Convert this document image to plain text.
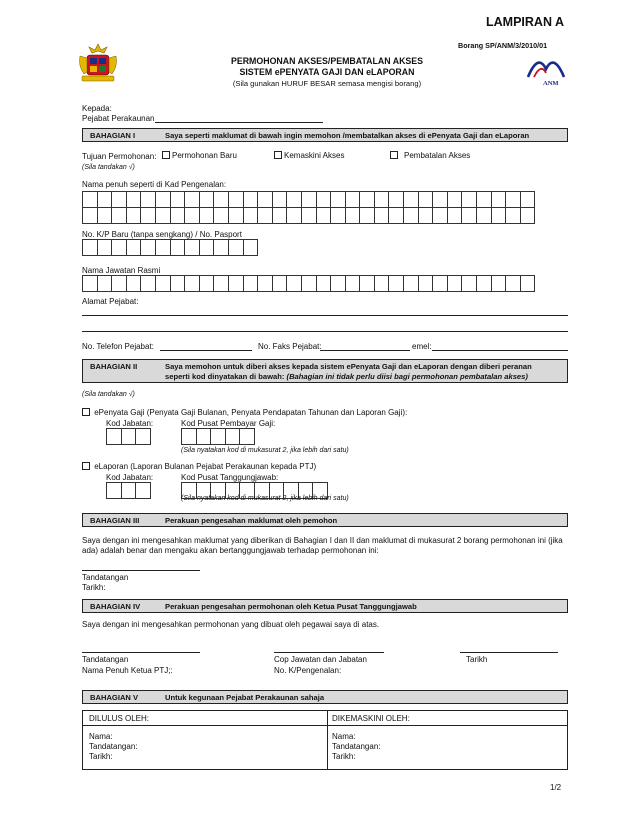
LAMPIRAN A
Borang SP/ANM/3/2010/01
PERMOHONAN AKSES/PEMBATALAN AKSES
SISTEM ePENYATA GAJI DAN eLAPORAN
(Sila gunakan HURUF BESAR semasa mengisi borang)	ANM
Kepada:
Pejabat Perakaunan
BAHAGIAN I	Saya seperti maklumat di bawah ingin memohon /membatalkan akses di ePenyata Gaji dan eLaporan
Tujuan Permohonan:	Permohonan Baru	Kemaskini Akses	Pembatalan Akses
(Sila tandakan √)
Nama penuh seperti di Kad Pengenalan:
No. K/P Baru (tanpa sengkang) / No. Pasport
Nama Jawatan Rasmi
Alamat Pejabat:
No. Telefon Pejabat:	No. Faks Pejabat:	emel:
BAHAGIAN II	Saya memohon untuk diberi akses kepada sistem ePenyata Gaji dan eLaporan dengan diberi peranan
seperti kod dinyatakan di bawah: (Bahagian ini tidak perlu diisi bagi permohonan pembatalan akses)
(Sila tandakan √)
ePenyata Gaji (Penyata Gaji Bulanan, Penyata Pendapatan Tahunan dan Laporan Gaji):
Kod Jabatan:	Kod Pusat Pembayar Gaji:
(Sila nyatakan kod di mukasurat 2, jika lebih dari satu)
eLaporan (Laporan Bulanan Pejabat Perakaunan kepada PTJ)
Kod Jabatan:	Kod Pusat Tanggungjawab:
(Sila nyatakan kod di mukasurat 2, jika lebih dari satu)
BAHAGIAN III	Perakuan pengesahan maklumat oleh pemohon
Saya dengan ini mengesahkan maklumat yang diberikan di Bahagian I dan II dan maklumat di mukasurat 2 borang permohonan ini (jika
ada) adalah benar dan mengaku akan bertanggungjawab terhadap permohonan ini:
Tandatangan
Tarikh:
BAHAGIAN IV	Perakuan pengesahan permohonan oleh Ketua Pusat Tanggungjawab
Saya dengan ini mengesahkan permohonan yang dibuat oleh pegawai saya di atas.
Tandatangan	Cop Jawatan dan Jabatan	Tarikh
Nama Penuh Ketua PTJ;:	No. K/Pengenalan:
BAHAGIAN V	Untuk kegunaan Pejabat Perakaunan sahaja
DILULUS OLEH:
Nama:
Tandatangan:
Tarikh:
DIKEMASKINI OLEH:
Nama:
Tandatangan:
Tarikh:
1/2
